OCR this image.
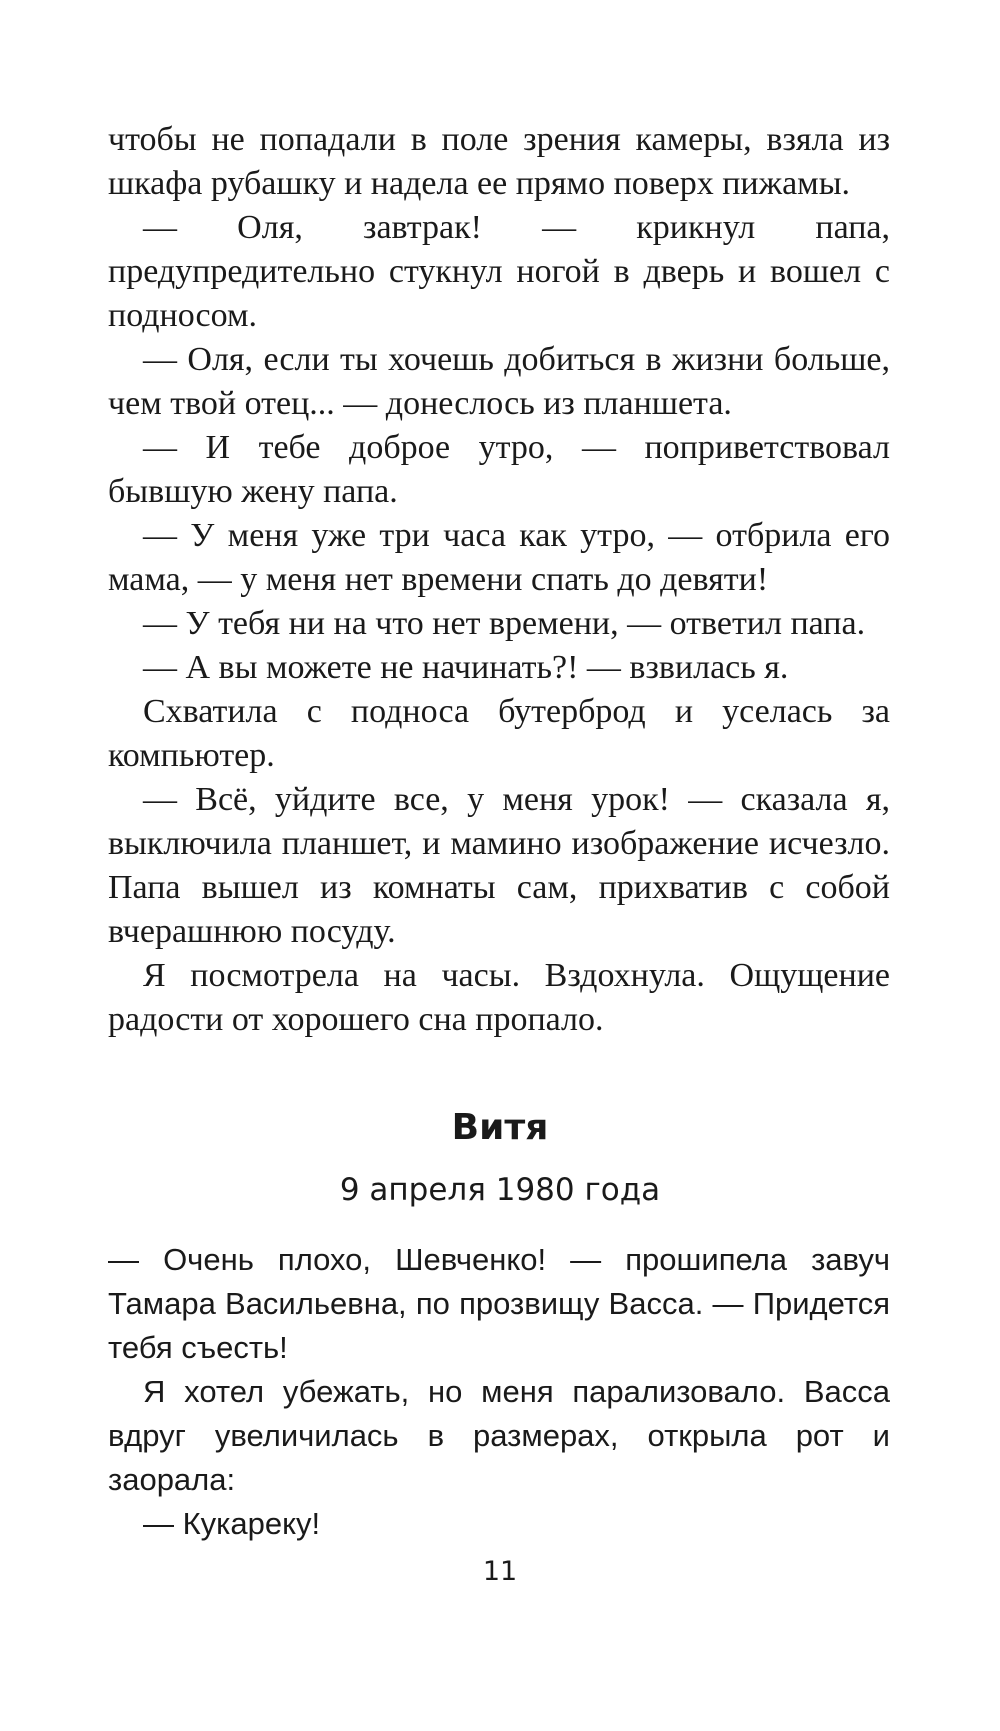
чтобы не попадали в поле зрения камеры, взяла из шкафа рубашку и надела ее прямо поверх пижамы.

— Оля, завтрак! — крикнул папа, предупредительно стукнул ногой в дверь и вошел с подносом.

— Оля, если ты хочешь добиться в жизни больше, чем твой отец... — донеслось из планшета.

— И тебе доброе утро, — поприветствовал бывшую жену папа.

— У меня уже три часа как утро, — отбрила его мама, — у меня нет времени спать до девяти!

— У тебя ни на что нет времени, — ответил папа.

— А вы можете не начинать?! — взвилась я.

Схватила с подноса бутерброд и уселась за компьютер.

— Всё, уйдите все, у меня урок! — сказала я, выключила планшет, и мамино изображение исчезло. Папа вышел из комнаты сам, прихватив с собой вчерашнюю посуду.

Я посмотрела на часы. Вздохнула. Ощущение радости от хорошего сна пропало.

Витя
9 апреля 1980 года

— Очень плохо, Шевченко! — прошипела завуч Тамара Васильевна, по прозвищу Васса. — Придется тебя съесть!

Я хотел убежать, но меня парализовало. Васса вдруг увеличилась в размерах, открыла рот и заорала:

— Кукареку!

11
